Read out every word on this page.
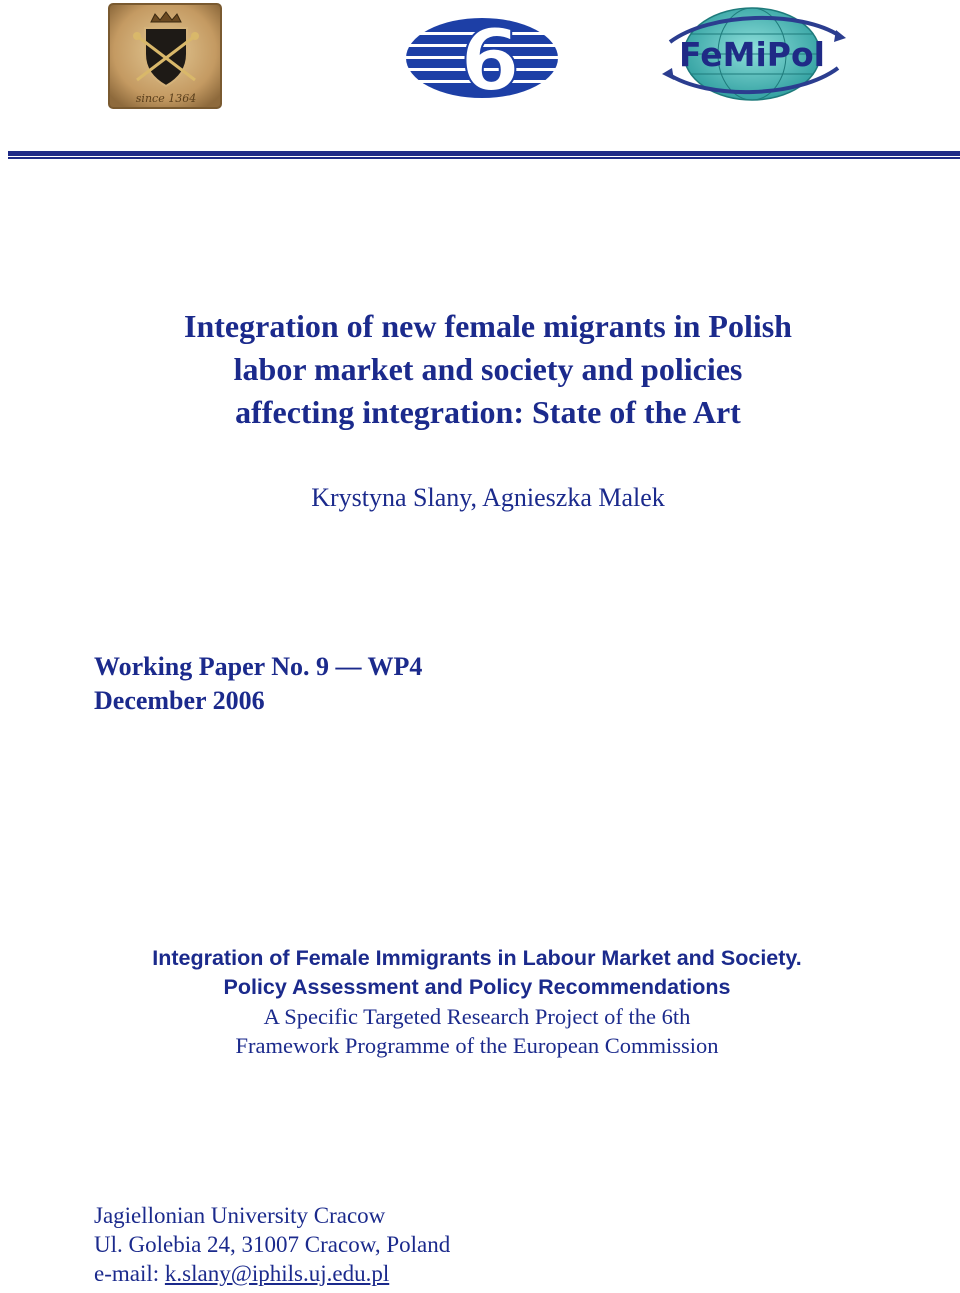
since 1364	6	FeMiPol
Integration of new female migrants in Polish
labor market and society and policies
affecting integration: State of the Art
Krystyna Slany, Agnieszka Malek
Working Paper No. 9 — WP4
December 2006
Integration of Female Immigrants in Labour Market and Society.
Policy Assessment and Policy Recommendations
A Specific Targeted Research Project of the 6th
Framework Programme of the European Commission
Jagiellonian University Cracow
Ul. Golebia 24, 31007 Cracow, Poland
e-mail: k.slany@iphils.uj.edu.pl
